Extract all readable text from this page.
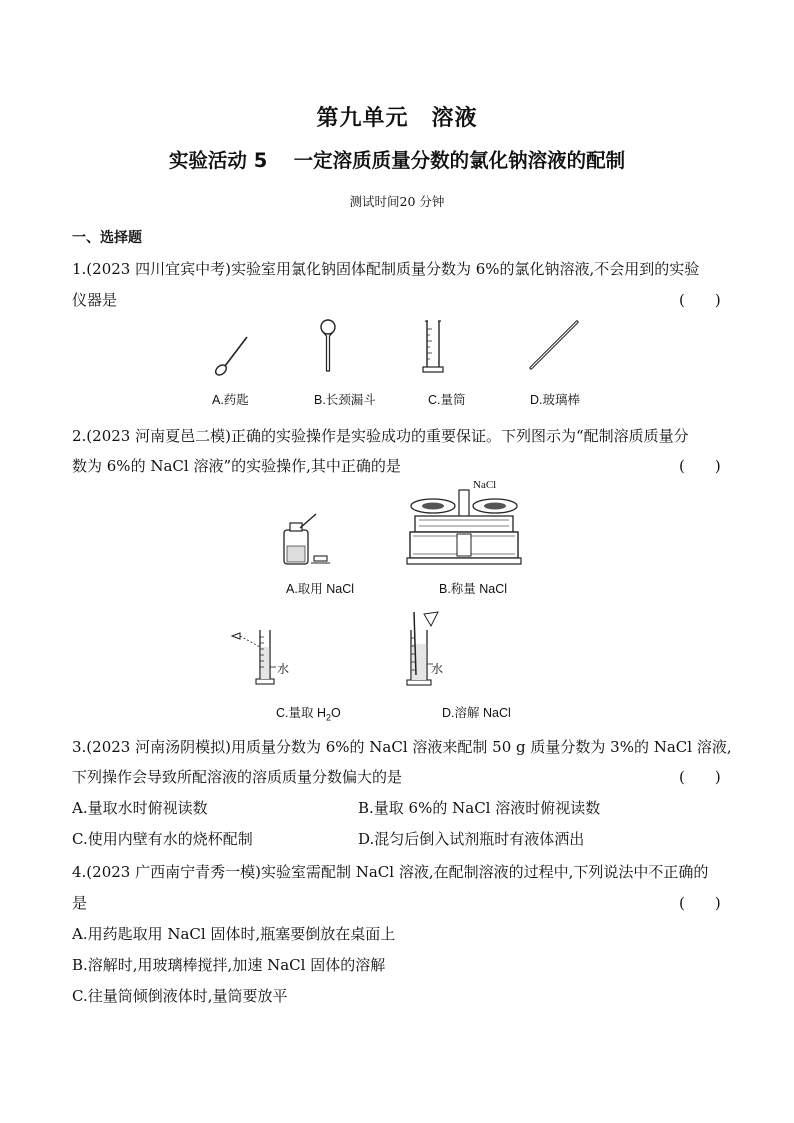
第九单元　溶液
实验活动 5　 一定溶质质量分数的氯化钠溶液的配制
测试时间20 分钟
一、选择题
1.(2023 四川宜宾中考)实验室用氯化钠固体配制质量分数为 6%的氯化钠溶液,不会用到的实验
仪器是	(　　)
A.药匙	B.长颈漏斗	C.量筒	D.玻璃棒
2.(2023 河南夏邑二模)正确的实验操作是实验成功的重要保证。下列图示为“配制溶质质量分
数为 6%的 NaCl 溶液”的实验操作,其中正确的是	(　　)
NaCl
A.取用 NaCl	B.称量 NaCl
水	水
C.量取 $H_2O$	D.溶解 NaCl
3.(2023 河南汤阴模拟)用质量分数为 6%的 NaCl 溶液来配制 50 g 质量分数为 3%的 NaCl 溶液,
下列操作会导致所配溶液的溶质质量分数偏大的是	(　　)
A.量取水时俯视读数	B.量取 6%的 NaCl 溶液时俯视读数
C.使用内壁有水的烧杯配制	D.混匀后倒入试剂瓶时有液体洒出
4.(2023 广西南宁青秀一模)实验室需配制 NaCl 溶液,在配制溶液的过程中,下列说法中不正确的
是	(　　)
A.用药匙取用 NaCl 固体时,瓶塞要倒放在桌面上
B.溶解时,用玻璃棒搅拌,加速 NaCl 固体的溶解
C.往量筒倾倒液体时,量筒要放平
